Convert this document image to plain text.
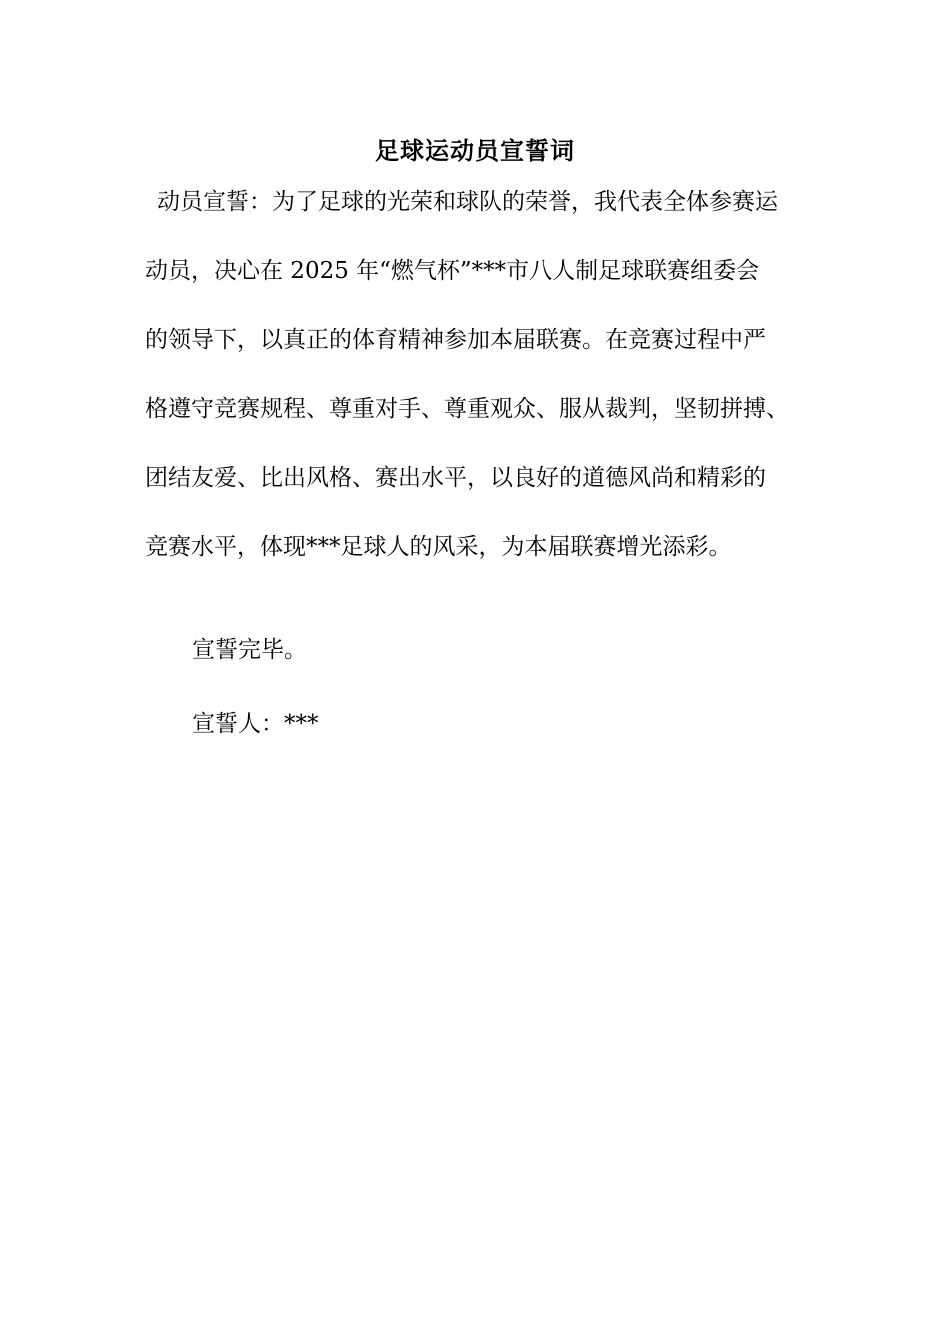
足球运动员宣誓词
动员宣誓：为了足球的光荣和球队的荣誉，我代表全体参赛运
动员，决心在 2025 年“燃气杯”***市八人制足球联赛组委会
的领导下，以真正的体育精神参加本届联赛。在竞赛过程中严
格遵守竞赛规程、尊重对手、尊重观众、服从裁判，坚韧拼搏、
团结友爱、比出风格、赛出水平，以良好的道德风尚和精彩的
竞赛水平，体现***足球人的风采，为本届联赛增光添彩。
宣誓完毕。
宣誓人：***
